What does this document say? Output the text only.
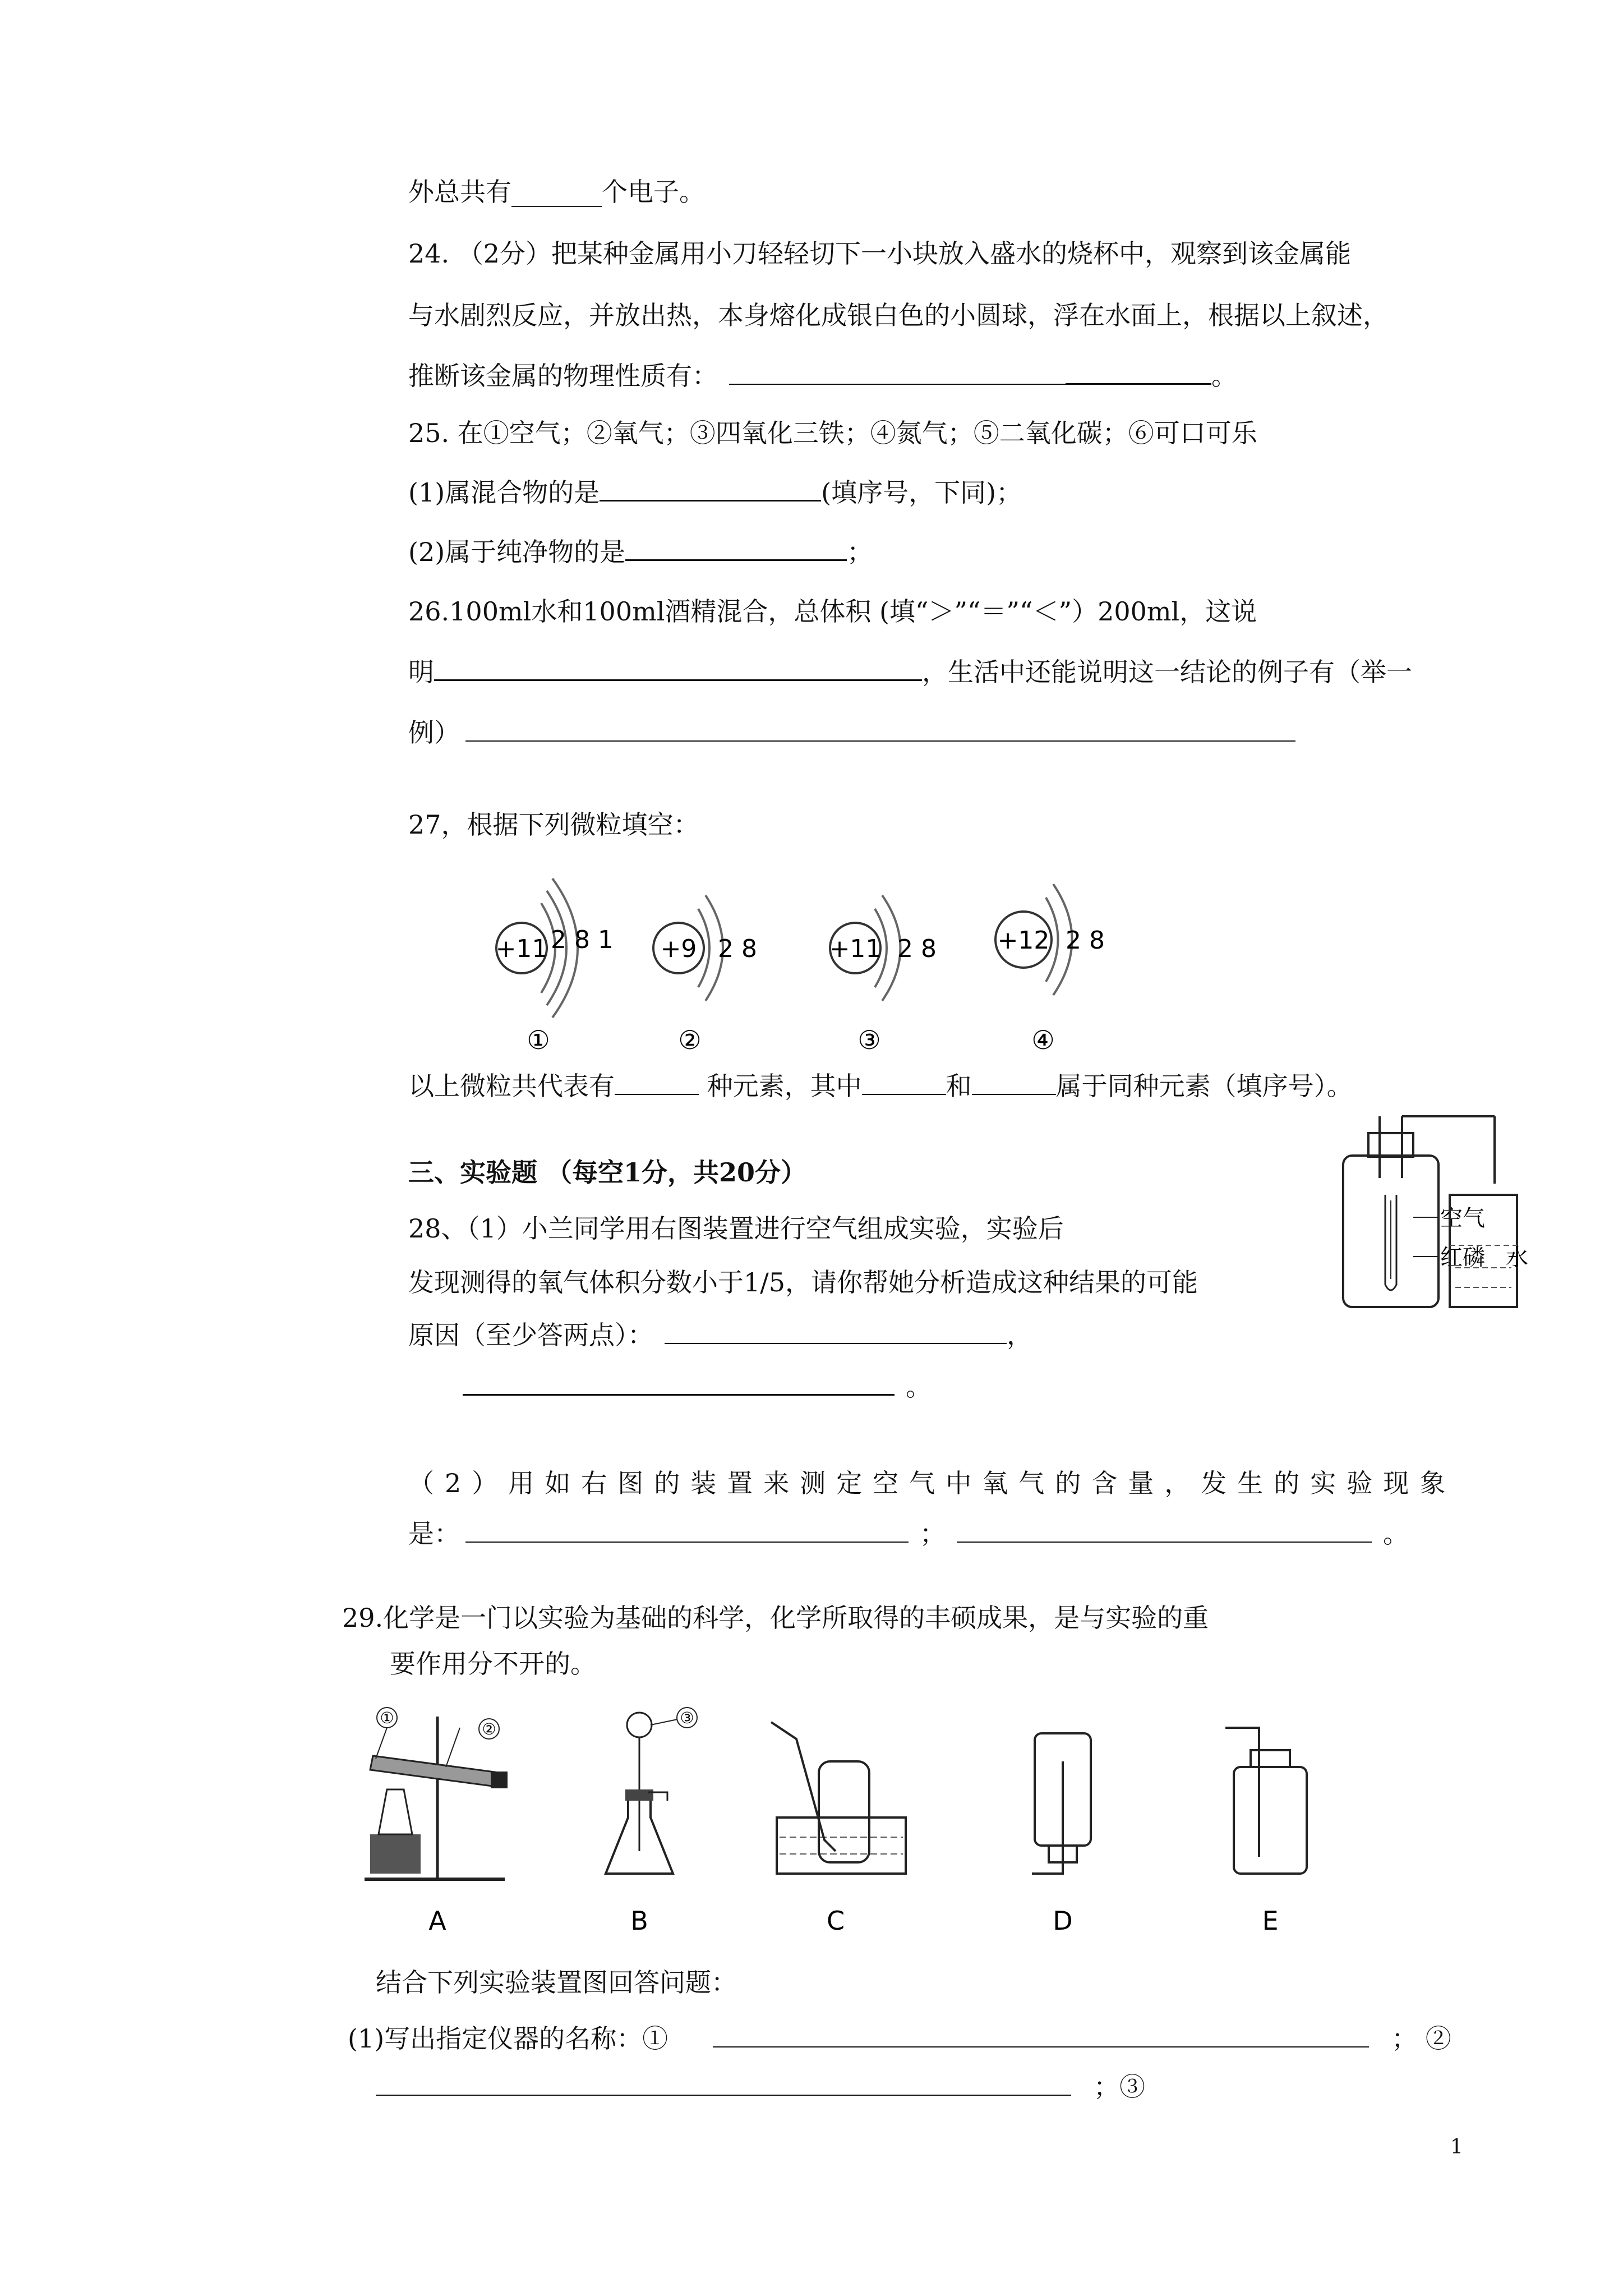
外总共有_______个电子。
24. （2分）把某种金属用小刀轻轻切下一小块放入盛水的烧杯中，观察到该金属能
与水剧烈反应，并放出热，本身熔化成银白色的小圆球，浮在水面上，根据以上叙述，
推断该金属的物理性质有：	。
25. 在①空气；②氧气；③四氧化三铁；④氮气；⑤二氧化碳；⑥可口可乐
(1)属混合物的是	(填序号，下同)；
(2)属于纯净物的是	；
26.100ml水和100ml酒精混合，总体积 (填“＞”“＝”“＜”）200ml，这说
明	，生活中还能说明这一结论的例子有（举一
例）
27，根据下列微粒填空：
+11 2 8 1
①
+9 2 8
②
+11 2 8
③
+12 2 8
④
以上微粒共代表有	种元素，其中	和	属于同种元素（填序号）。
三、实验题 （每空1分，共20分）
28、（1）小兰同学用右图装置进行空气组成实验，实验后
发现测得的氧气体积分数小于1/5，请你帮她分析造成这种结果的可能
原因（至少答两点）：	，
。
空气
红磷 水
（2）用如右图的装置来测定空气中氧气的含量，发生的实验现象
是：	；	。
29.化学是一门以实验为基础的科学，化学所取得的丰硕成果，是与实验的重
要作用分不开的。
①
②
A
③
B	C	D	E
结合下列实验装置图回答问题：
(1)写出指定仪器的名称：①	； ②
；③
1
